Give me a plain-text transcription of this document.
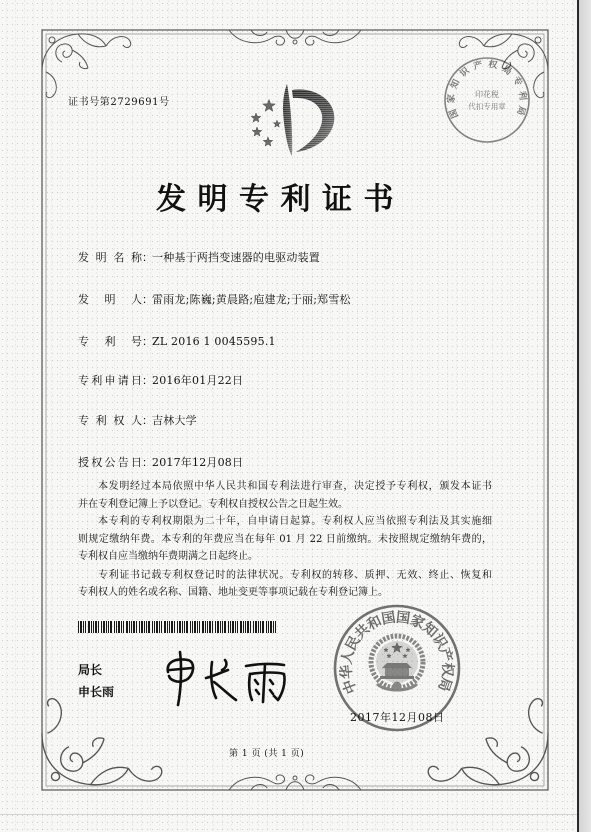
证书号第2729691号
发明专利证书
发 明 名 称 ： 一种基于两挡变速器的电驱动装置
发 明 人 ： 雷雨龙;陈巍;黄晨路;庖建龙;于丽;郑雪松
专 利 号 ： ZL 2016 1 0045595.1
专 利 申 请 日 ： 2016年01月22日
专 利 权 人 ： 吉林大学
授 权 公 告 日 ： 2017年12月08日
本发明经过本局依照中华人民共和国专利法进行审查，决定授予专利权，颁发本证书
并在专利登记簿上予以登记。专利权自授权公告之日起生效。
本专利的专利权期限为二十年，自申请日起算。专利权人应当依照专利法及其实施细
则规定缴纳年费。本专利的年费应当在每年 01 月 22 日前缴纳。未按照规定缴纳年费的，
专利权自应当缴纳年费期满之日起终止。
专利证书记载专利权登记时的法律状况。专利权的转移、质押、无效、终止、恢复和
专利权人的姓名或名称、国籍、地址变更等事项记载在专利登记簿上。
局长
申长雨
2017年12月08日
第 1 页 (共 1 页)
国家知识产权局专利局
印花税
代扣专用章
中华人民共和国国家知识产权局
